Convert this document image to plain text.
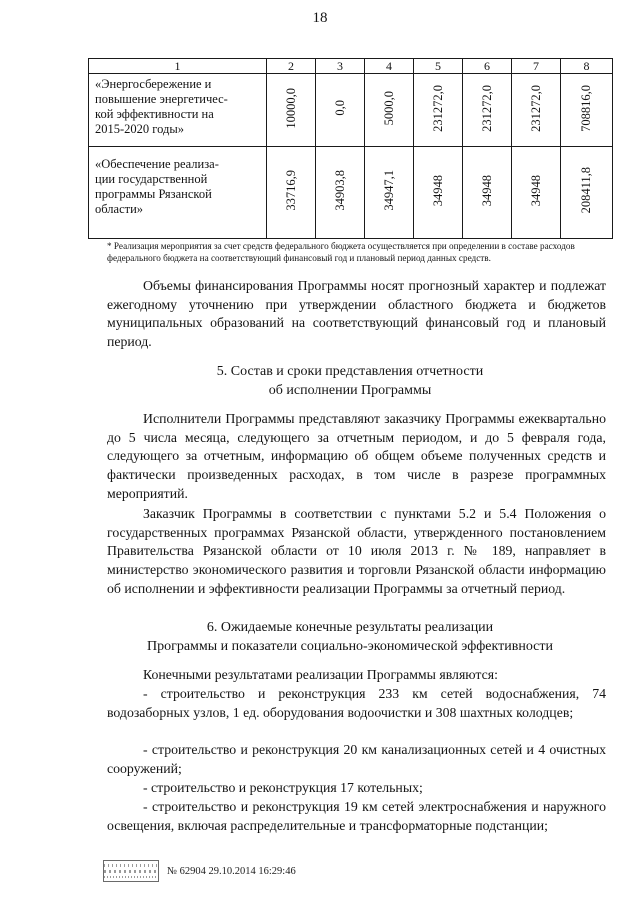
18
1	2	3	4	5	6	7	8

«Энергосбережение и
повышение энергетичес-
кой эффективности на
2015-2020 годы»	10000,0	0,0	5000,0	231272,0	231272,0	231272,0	708816,0

«Обеспечение реализа-
ции государственной
программы Рязанской
области»	33716,9	34903,8	34947,1	34948	34948	34948	208411,8
* Реализация мероприятия за счет средств федерального бюджета осуществляется при определении в составе расходов федерального бюджета на соответствующий финансовый год и плановый период данных средств.
Объемы финансирования Программы носят прогнозный характер и подлежат ежегодному уточнению при утверждении областного бюджета и бюджетов муниципальных образований на соответствующий финансовый год и плановый период.
5. Состав и сроки представления отчетности
об исполнении Программы
Исполнители Программы представляют заказчику Программы ежеквартально до 5 числа месяца, следующего за отчетным периодом, и до 5 февраля года, следующего за отчетным, информацию об общем объеме полученных средств и фактически произведенных расходах, в том числе в разрезе программных мероприятий.
Заказчик Программы в соответствии с пунктами 5.2 и 5.4 Положения о государственных программах Рязанской области, утвержденного постановлением Правительства Рязанской области от 10 июля 2013 г. № 189, направляет в министерство экономического развития и торговли Рязанской области информацию об исполнении и эффективности реализации Программы за отчетный период.
6. Ожидаемые конечные результаты реализации
Программы и показатели социально-экономической эффективности
Конечными результатами реализации Программы являются:
- строительство и реконструкция 233 км сетей водоснабжения, 74 водозаборных узлов, 1 ед. оборудования водоочистки и 308 шахтных колодцев;
- строительство и реконструкция 20 км канализационных сетей и 4 очистных сооружений;
- строительство и реконструкция 17 котельных;
- строительство и реконструкция 19 км сетей электроснабжения и наружного освещения, включая распределительные и трансформаторные подстанции;
№ 62904 29.10.2014 16:29:46
